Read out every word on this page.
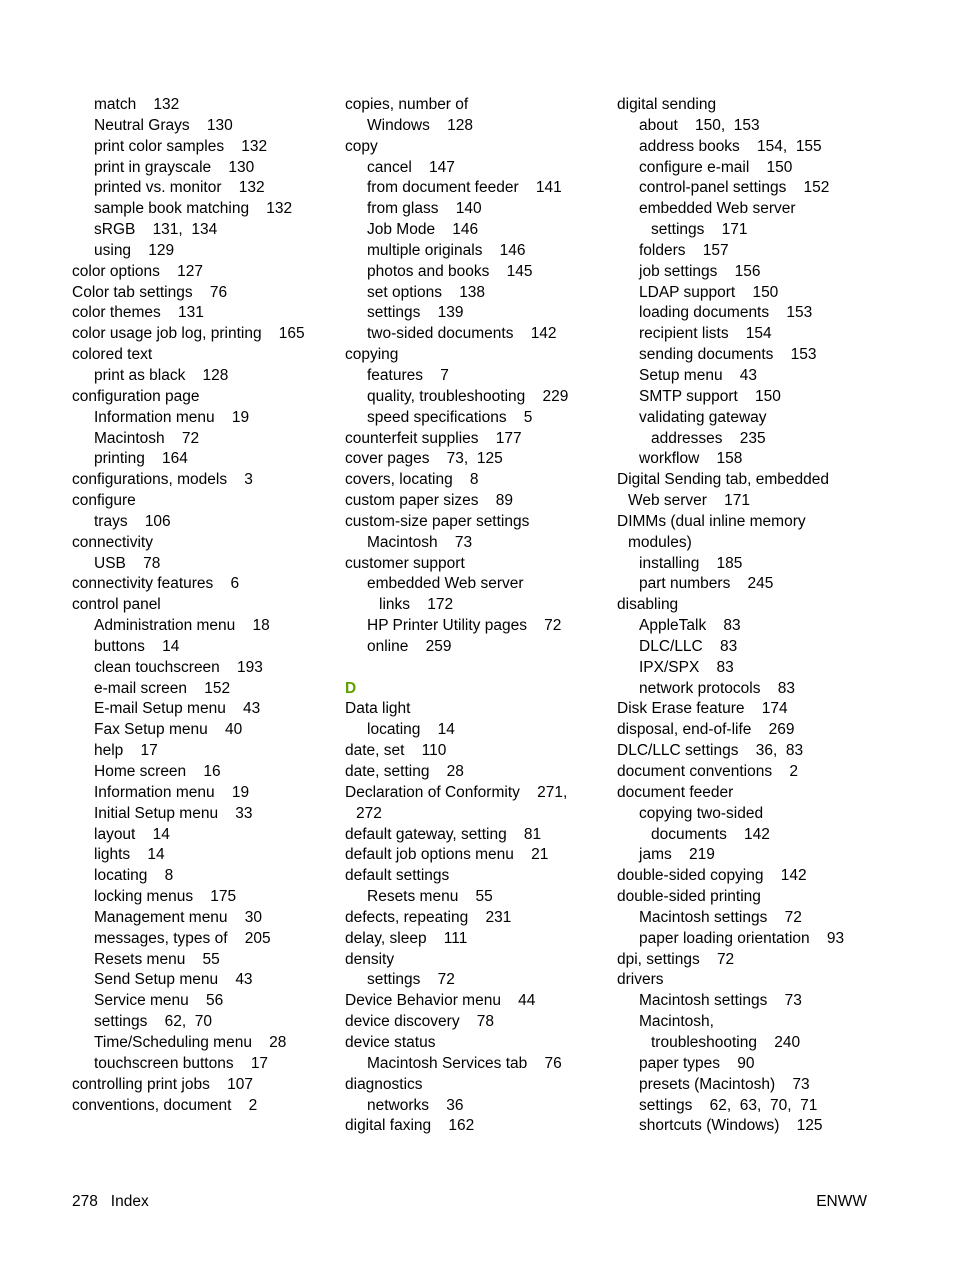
match    132
Neutral Grays    130
print color samples    132
print in grayscale    130
printed vs. monitor    132
sample book matching    132
sRGB    131,  134
using    129
color options    127
Color tab settings    76
color themes    131
color usage job log, printing    165
colored text
print as black    128
configuration page
Information menu    19
Macintosh    72
printing    164
configurations, models    3
configure
trays    106
connectivity
USB    78
connectivity features    6
control panel
Administration menu    18
buttons    14
clean touchscreen    193
e-mail screen    152
E-mail Setup menu    43
Fax Setup menu    40
help    17
Home screen    16
Information menu    19
Initial Setup menu    33
layout    14
lights    14
locating    8
locking menus    175
Management menu    30
messages, types of    205
Resets menu    55
Send Setup menu    43
Service menu    56
settings    62,  70
Time/Scheduling menu    28
touchscreen buttons    17
controlling print jobs    107
conventions, document    2
copies, number of
Windows    128
copy
cancel    147
from document feeder    141
from glass    140
Job Mode    146
multiple originals    146
photos and books    145
set options    138
settings    139
two-sided documents    142
copying
features    7
quality, troubleshooting    229
speed specifications    5
counterfeit supplies    177
cover pages    73,  125
covers, locating    8
custom paper sizes    89
custom-size paper settings
Macintosh    73
customer support
embedded Web server
links    172
HP Printer Utility pages    72
online    259
D
Data light
locating    14
date, set    110
date, setting    28
Declaration of Conformity    271,
272
default gateway, setting    81
default job options menu    21
default settings
Resets menu    55
defects, repeating    231
delay, sleep    111
density
settings    72
Device Behavior menu    44
device discovery    78
device status
Macintosh Services tab    76
diagnostics
networks    36
digital faxing    162
digital sending
about    150,  153
address books    154,  155
configure e-mail    150
control-panel settings    152
embedded Web server
settings    171
folders    157
job settings    156
LDAP support    150
loading documents    153
recipient lists    154
sending documents    153
Setup menu    43
SMTP support    150
validating gateway
addresses    235
workflow    158
Digital Sending tab, embedded
Web server    171
DIMMs (dual inline memory
modules)
installing    185
part numbers    245
disabling
AppleTalk    83
DLC/LLC    83
IPX/SPX    83
network protocols    83
Disk Erase feature    174
disposal, end-of-life    269
DLC/LLC settings    36,  83
document conventions    2
document feeder
copying two-sided
documents    142
jams    219
double-sided copying    142
double-sided printing
Macintosh settings    72
paper loading orientation    93
dpi, settings    72
drivers
Macintosh settings    73
Macintosh,
troubleshooting    240
paper types    90
presets (Macintosh)    73
settings    62,  63,  70,  71
shortcuts (Windows)    125
278   Index	ENWW
